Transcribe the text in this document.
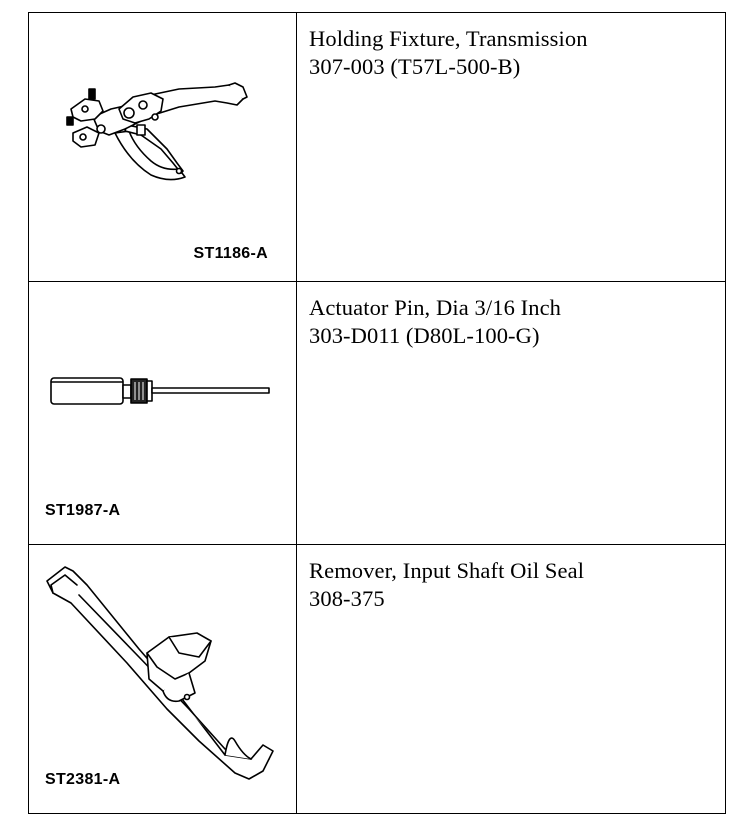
ST1186-A	Holding Fixture, Transmission
307-003 (T57L-500-B)

ST1987-A	Actuator Pin, Dia 3/16 Inch
303-D011 (D80L-100-G)

ST2381-A	Remover, Input Shaft Oil Seal
308-375
